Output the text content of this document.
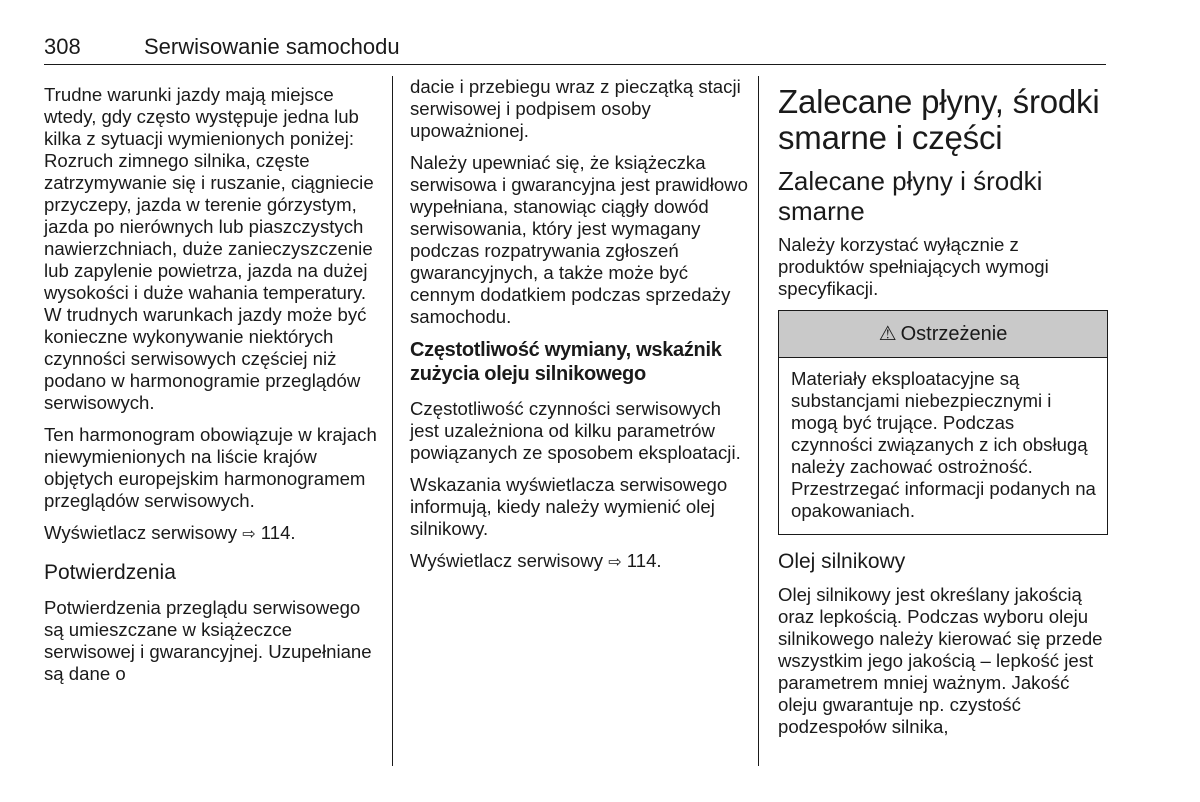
308	Serwisowanie samochodu

Trudne warunki jazdy mają miejsce wtedy, gdy często występuje jedna lub kilka z sytuacji wymienionych poniżej: Rozruch zimnego silnika, częste zatrzymywanie się i ruszanie, ciągniecie przyczepy, jazda w terenie górzystym, jazda po nierównych lub piaszczystych nawierzchniach, duże zanieczyszczenie lub zapylenie powietrza, jazda na dużej wysokości i duże wahania temperatury. W trudnych warunkach jazdy może być konieczne wykonywanie niektórych czynności serwisowych częściej niż podano w harmonogramie przeglądów serwisowych.

Ten harmonogram obowiązuje w krajach niewymienionych na liście krajów objętych europejskim harmonogramem przeglądów serwisowych.

Wyświetlacz serwisowy ⇨ 114.

Potwierdzenia

Potwierdzenia przeglądu serwisowego są umieszczane w książeczce serwisowej i gwarancyjnej. Uzupełniane są dane o

dacie i przebiegu wraz z pieczątką stacji serwisowej i podpisem osoby upoważnionej.

Należy upewniać się, że książeczka serwisowa i gwarancyjna jest prawidłowo wypełniana, stanowiąc ciągły dowód serwisowania, który jest wymagany podczas rozpatrywania zgłoszeń gwarancyjnych, a także może być cennym dodatkiem podczas sprzedaży samochodu.

Częstotliwość wymiany, wskaźnik zużycia oleju silnikowego

Częstotliwość czynności serwisowych jest uzależniona od kilku parametrów powiązanych ze sposobem eksploatacji.

Wskazania wyświetlacza serwisowego informują, kiedy należy wymienić olej silnikowy.

Wyświetlacz serwisowy ⇨ 114.

Zalecane płyny, środki smarne i części
Zalecane płyny i środki smarne

Należy korzystać wyłącznie z produktów spełniających wymogi specyfikacji.

⚠ Ostrzeżenie
Materiały eksploatacyjne są substancjami niebezpiecznymi i mogą być trujące. Podczas czynności związanych z ich obsługą należy zachować ostrożność. Przestrzegać informacji podanych na opakowaniach.
Olej silnikowy

Olej silnikowy jest określany jakością oraz lepkością. Podczas wyboru oleju silnikowego należy kierować się przede wszystkim jego jakością – lepkość jest parametrem mniej ważnym. Jakość oleju gwarantuje np. czystość podzespołów silnika,
